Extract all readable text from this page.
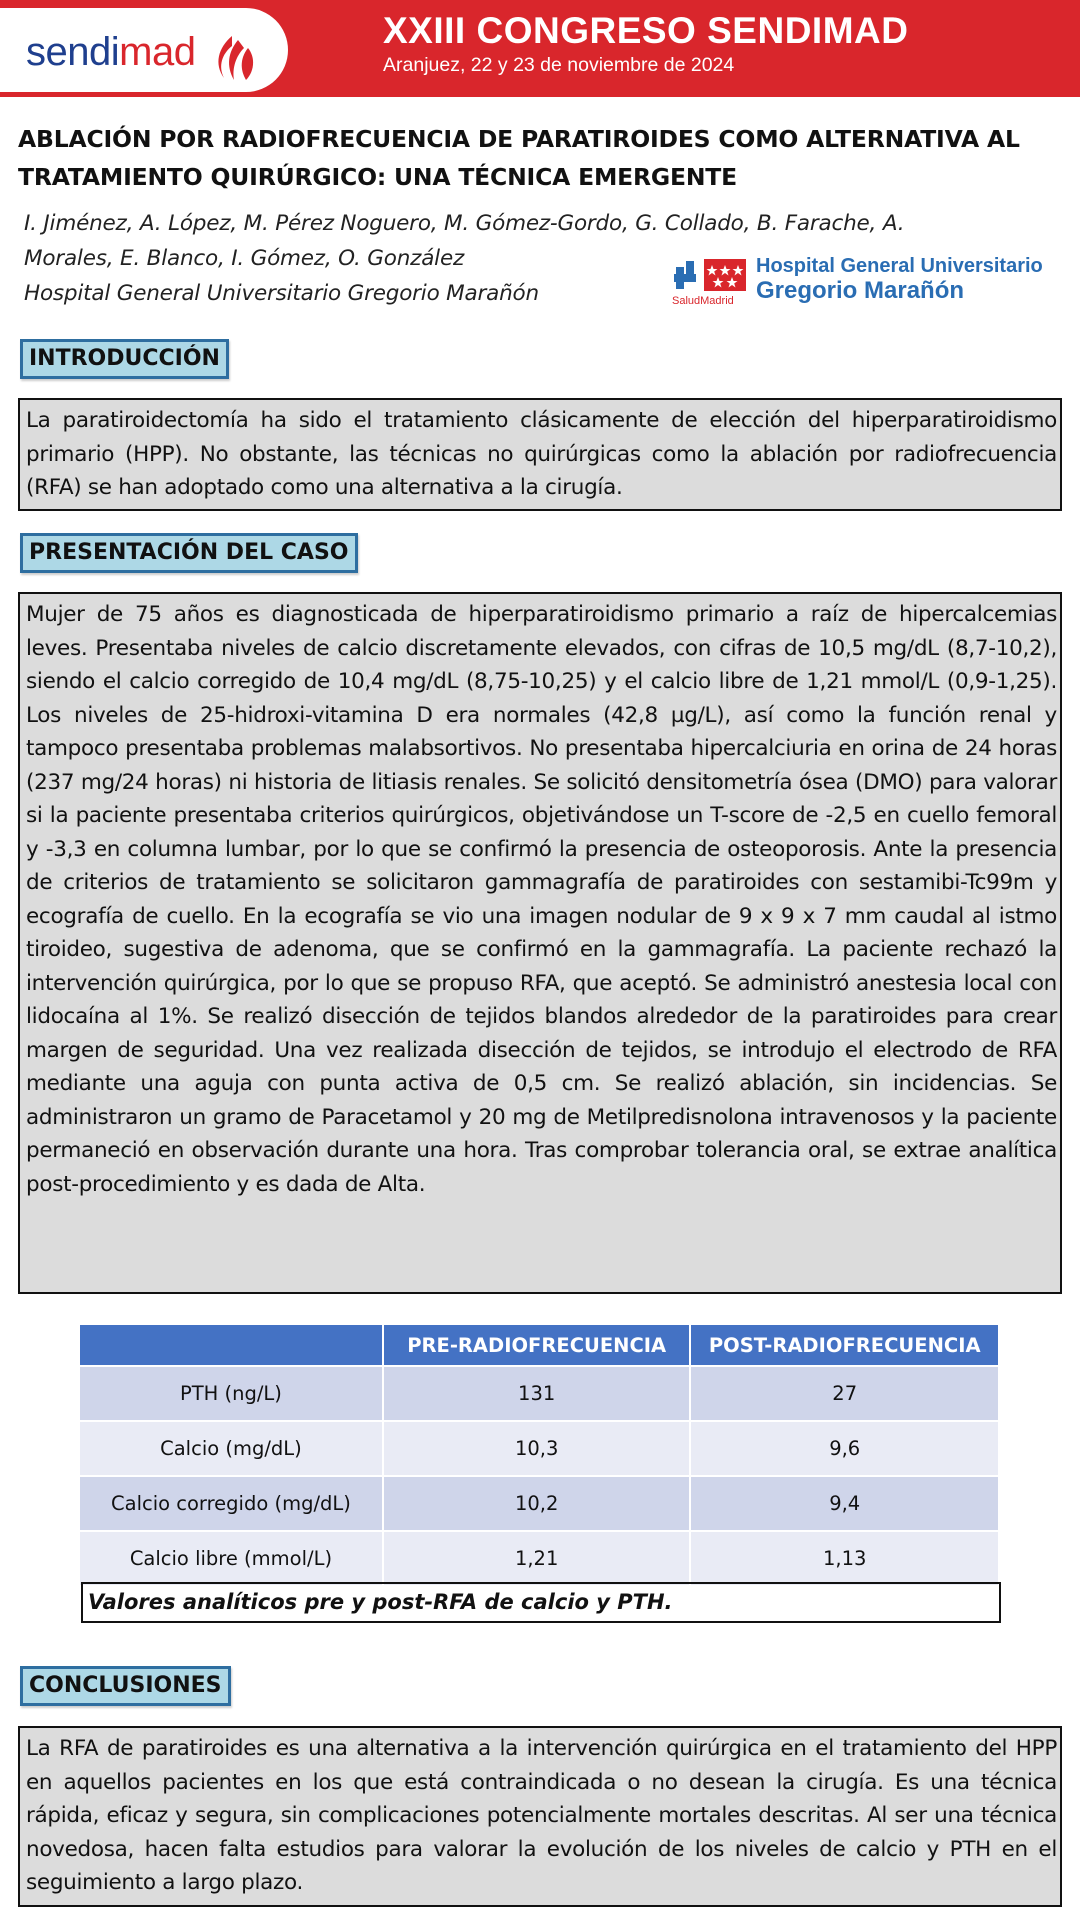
sendimad	XXIII CONGRESO SENDIMAD
Aranjuez, 22 y 23 de noviembre de 2024
ABLACIÓN POR RADIOFRECUENCIA DE PARATIROIDES COMO ALTERNATIVA AL
TRATAMIENTO QUIRÚRGICO: UNA TÉCNICA EMERGENTE
I. Jiménez, A. López, M. Pérez Noguero, M. Gómez-Gordo, G. Collado, B. Farache, A.
Morales, E. Blanco, I. Gómez, O. González
Hospital General Universitario Gregorio Marañón	SaludMadrid
Hospital General Universitario
Gregorio Marañón
INTRODUCCIÓN
La paratiroidectomía ha sido el tratamiento clásicamente de elección del hiperparatiroidismo primario (HPP). No obstante, las técnicas no quirúrgicas como la ablación por radiofrecuencia (RFA) se han adoptado como una alternativa a la cirugía.
PRESENTACIÓN DEL CASO
Mujer de 75 años es diagnosticada de hiperparatiroidismo primario a raíz de hipercalcemias leves. Presentaba niveles de calcio discretamente elevados, con cifras de 10,5 mg/dL (8,7-10,2), siendo el calcio corregido de 10,4 mg/dL (8,75-10,25) y el calcio libre de 1,21 mmol/L (0,9-1,25). Los niveles de 25-hidroxi-vitamina D era normales (42,8 µg/L), así como la función renal y tampoco presentaba problemas malabsortivos. No presentaba hipercalciuria en orina de 24 horas (237 mg/24 horas) ni historia de litiasis renales. Se solicitó densitometría ósea (DMO) para valorar si la paciente presentaba criterios quirúrgicos, objetivándose un T-score de -2,5 en cuello femoral y -3,3 en columna lumbar, por lo que se confirmó la presencia de osteoporosis. Ante la presencia de criterios de tratamiento se solicitaron gammagrafía de paratiroides con sestamibi-Tc99m y ecografía de cuello. En la ecografía se vio una imagen nodular de 9 x 9 x 7 mm caudal al istmo tiroideo, sugestiva de adenoma, que se confirmó en la gammagrafía. La paciente rechazó la intervención quirúrgica, por lo que se propuso RFA, que aceptó. Se administró anestesia local con lidocaína al 1%. Se realizó disección de tejidos blandos alrededor de la paratiroides para crear margen de seguridad. Una vez realizada disección de tejidos, se introdujo el electrodo de RFA mediante una aguja con punta activa de 0,5 cm. Se realizó ablación, sin incidencias. Se administraron un gramo de Paracetamol y 20 mg de Metilpredisnolona intravenosos y la paciente permaneció en observación durante una hora. Tras comprobar tolerancia oral, se extrae analítica post-procedimiento y es dada de Alta.
	PRE-RADIOFRECUENCIA	POST-RADIOFRECUENCIA
PTH (ng/L)	131	27
Calcio (mg/dL)	10,3	9,6
Calcio corregido (mg/dL)	10,2	9,4
Calcio libre (mmol/L)	1,21	1,13
Valores analíticos pre y post-RFA de calcio y PTH.
CONCLUSIONES
La RFA de paratiroides es una alternativa a la intervención quirúrgica en el tratamiento del HPP en aquellos pacientes en los que está contraindicada o no desean la cirugía. Es una técnica rápida, eficaz y segura, sin complicaciones potencialmente mortales descritas. Al ser una técnica novedosa, hacen falta estudios para valorar la evolución de los niveles de calcio y PTH en el seguimiento a largo plazo.
